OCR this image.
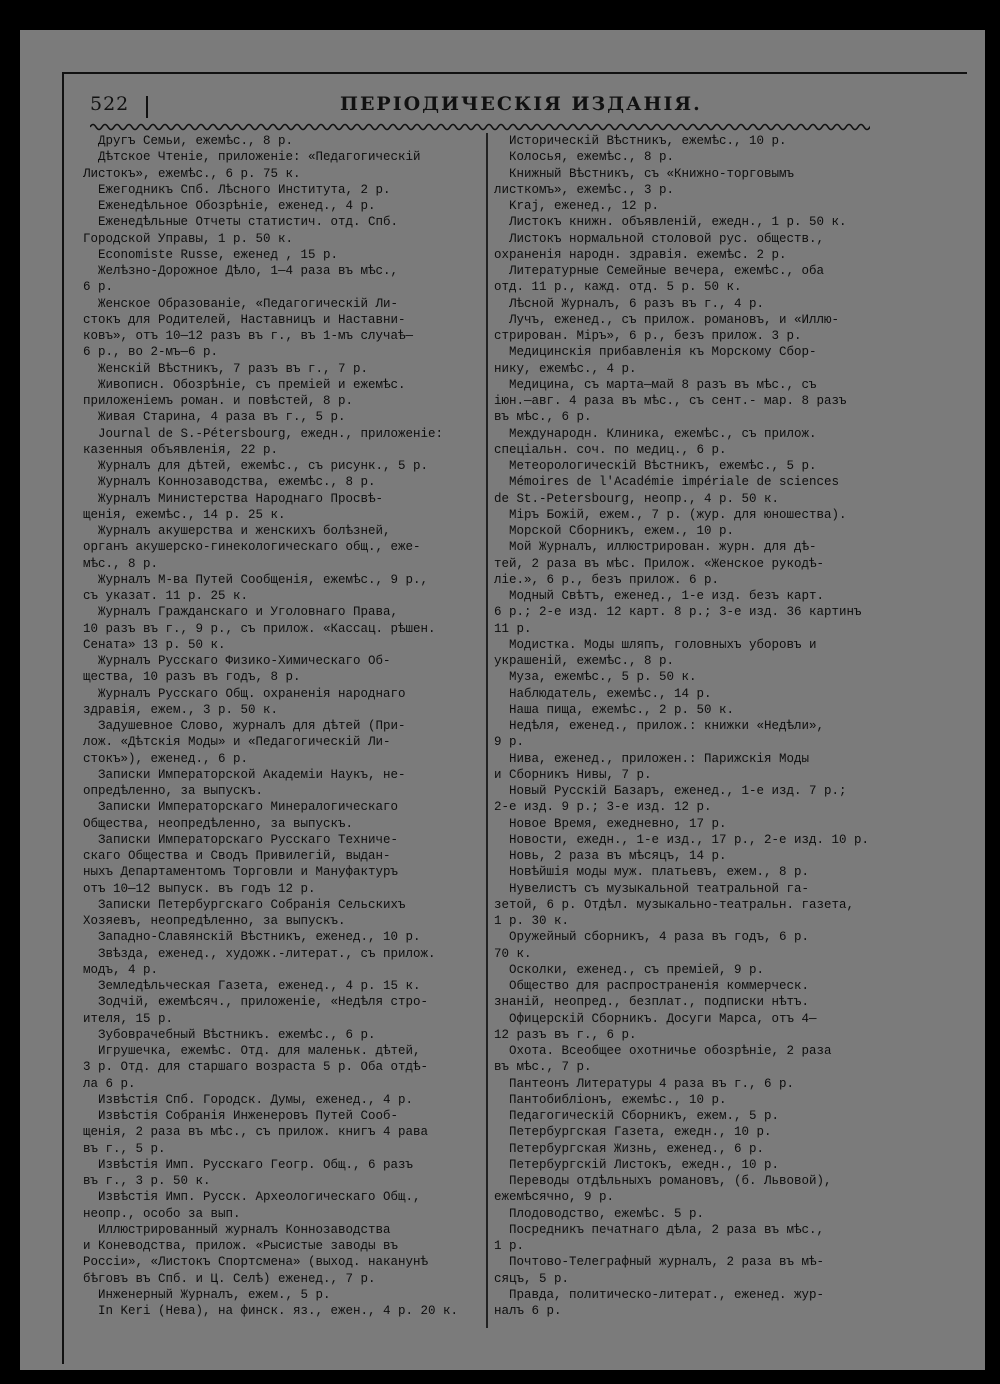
522	ПЕРІОДИЧЕСКІЯ ИЗДАНІЯ.
Другъ Семьи, ежемѣс., 8 р.
Дѣтское Чтеніе, приложеніе: «Педагогическій
Листокъ», ежемѣс., 6 р. 75 к.
Ежегодникъ Спб. Лѣсного Института, 2 р.
Еженедѣльное Обозрѣніе, еженед., 4 р.
Еженедѣльные Отчеты статистич. отд. Спб.
Городской Управы, 1 р. 50 к.
Economiste Russe, еженед , 15 р.
Желѣзно-Дорожное Дѣло, 1—4 раза въ мѣс.,
6 р.
Женское Образованіе, «Педагогическій Ли-
стокъ для Родителей, Наставницъ и Наставни-
ковъ», отъ 10—12 разъ въ г., въ 1-мъ случаѣ—
6 р., во 2-мъ—6 р.
Женскій Вѣстникъ, 7 разъ въ г., 7 р.
Живописн. Обозрѣніе, съ преміей и ежемѣс.
приложеніемъ роман. и повѣстей, 8 р.
Живая Старина, 4 раза въ г., 5 р.
Journal de S.-Pétersbourg, ежедн., приложеніе:
казенныя объявленія, 22 р.
Журналъ для дѣтей, ежемѣс., съ рисунк., 5 р.
Журналъ Коннозаводства, ежемѣс., 8 р.
Журналъ Министерства Народнаго Просвѣ-
щенія, ежемѣс., 14 р. 25 к.
Журналъ акушерства и женскихъ болѣзней,
органъ акушерско-гинекологическаго общ., еже-
мѣс., 8 р.
Журналъ М-ва Путей Сообщенія, ежемѣс., 9 р.,
съ указат. 11 р. 25 к.
Журналъ Гражданскаго и Уголовнаго Права,
10 разъ въ г., 9 р., съ прилож. «Кассац. рѣшен.
Сената» 13 р. 50 к.
Журналъ Русскаго Физико-Химическаго Об-
щества, 10 разъ въ годъ, 8 р.
Журналъ Русскаго Общ. охраненія народнаго
здравія, ежем., 3 р. 50 к.
Задушевное Слово, журналъ для дѣтей (При-
лож. «Дѣтскія Моды» и «Педагогическій Ли-
стокъ»), еженед., 6 р.
Записки Императорской Академіи Наукъ, не-
опредѣленно, за выпускъ.
Записки Императорскаго Минералогическаго
Общества, неопредѣленно, за выпускъ.
Записки Императорскаго Русскаго Техниче-
скаго Общества и Сводъ Привилегій, выдан-
ныхъ Департаментомъ Торговли и Мануфактуръ
отъ 10—12 выпуск. въ годъ 12 р.
Записки Петербургскаго Собранія Сельскихъ
Хозяевъ, неопредѣленно, за выпускъ.
Западно-Славянскій Вѣстникъ, еженед., 10 р.
Звѣзда, еженед., художк.-литерат., съ прилож.
модъ, 4 р.
Земледѣльческая Газета, еженед., 4 р. 15 к.
Зодчій, ежемѣсяч., приложеніе, «Недѣля стро-
ителя, 15 р.
Зубоврачебный Вѣстникъ. ежемѣс., 6 р.
Игрушечка, ежемѣс. Отд. для маленьк. дѣтей,
3 р. Отд. для старшаго возраста 5 р. Оба отдѣ-
ла 6 р.
Извѣстія Спб. Городск. Думы, еженед., 4 р.
Извѣстія Собранія Инженеровъ Путей Сооб-
щенія, 2 раза въ мѣс., съ прилож. книгъ 4 рава
въ г., 5 р.
Извѣстія Имп. Русскаго Геогр. Общ., 6 разъ
въ г., 3 р. 50 к.
Извѣстія Имп. Русск. Археологическаго Общ.,
неопр., особо за вып.
Иллюстрированный журналъ Коннозаводства
и Коневодства, прилож. «Рысистые заводы въ
Россіи», «Листокъ Спортсмена» (выход. наканунѣ
бѣговъ въ Спб. и Ц. Селѣ) еженед., 7 р.
Инженерный Журналъ, ежем., 5 р.
In Keri (Нева), на финск. яз., ежен., 4 р. 20 к.
Историческій Вѣстникъ, ежемѣс., 10 р.
Колосья, ежемѣс., 8 р.
Книжный Вѣстникъ, съ «Книжно-торговымъ
листкомъ», ежемѣс., 3 р.
Kraj, еженед., 12 р.
Листокъ книжн. объявленій, ежедн., 1 р. 50 к.
Листокъ нормальной столовой рус. обществ.,
охраненія народн. здравія. ежемѣс. 2 р.
Литературные Семейные вечера, ежемѣс., оба
отд. 11 р., кажд. отд. 5 р. 50 к.
Лѣсной Журналъ, 6 разъ въ г., 4 р.
Лучъ, еженед., съ прилож. романовъ, и «Иллю-
стрирован. Міръ», 6 р., безъ прилож. 3 р.
Медицинскія прибавленія къ Морскому Сбор-
нику, ежемѣс., 4 р.
Медицина, съ марта—май 8 разъ въ мѣс., съ
іюн.—авг. 4 раза въ мѣс., съ сент.- мар. 8 разъ
въ мѣс., 6 р.
Международн. Клиника, ежемѣс., съ прилож.
спеціальн. соч. по медиц., 6 р.
Метеорологическій Вѣстникъ, ежемѣс., 5 р.
Mémoires de l'Académie impériale de sciences
de St.-Petersbourg, неопр., 4 р. 50 к.
Міръ Божій, ежем., 7 р. (жур. для юношества).
Морской Сборникъ, ежем., 10 р.
Мой Журналъ, иллюстрирован. журн. для дѣ-
тей, 2 раза въ мѣс. Прилож. «Женское рукодѣ-
ліе.», 6 р., безъ прилож. 6 р.
Модный Свѣтъ, еженед., 1-е изд. безъ карт.
6 р.; 2-е изд. 12 карт. 8 р.; 3-е изд. 36 картинъ
11 р.
Модистка. Моды шляпъ, головныхъ уборовъ и
украшеній, ежемѣс., 8 р.
Муза, ежемѣс., 5 р. 50 к.
Наблюдатель, ежемѣс., 14 р.
Наша пища, ежемѣс., 2 р. 50 к.
Недѣля, еженед., прилож.: книжки «Недѣли»,
9 р.
Нива, еженед., приложен.: Парижскія Моды
и Сборникъ Нивы, 7 р.
Новый Русскій Базаръ, еженед., 1-е изд. 7 р.;
2-е изд. 9 р.; 3-е изд. 12 р.
Новое Время, ежедневно, 17 р.
Новости, ежедн., 1-е изд., 17 р., 2-е изд. 10 р.
Новь, 2 раза въ мѣсяцъ, 14 р.
Новѣйшія моды муж. платьевъ, ежем., 8 р.
Нувелистъ съ музыкальной театральной га-
зетой, 6 р. Отдѣл. музыкально-театральн. газета,
1 р. 30 к.
Оружейный сборникъ, 4 раза въ годъ, 6 р.
70 к.
Осколки, еженед., съ преміей, 9 р.
Общество для распространенія коммерческ.
знаній, неопред., безплат., подписки нѣтъ.
Офицерскій Сборникъ. Досуги Марса, отъ 4—
12 разъ въ г., 6 р.
Охота. Всеобщее охотничье обозрѣніе, 2 раза
въ мѣс., 7 р.
Пантеонъ Литературы 4 раза въ г., 6 р.
Пантобибліонъ, ежемѣс., 10 р.
Педагогическій Сборникъ, ежем., 5 р.
Петербургская Газета, ежедн., 10 р.
Петербургская Жизнь, еженед., 6 р.
Петербургскій Листокъ, ежедн., 10 р.
Переводы отдѣльныхъ романовъ, (б. Львовой),
ежемѣсячно, 9 р.
Плодоводство, ежемѣс. 5 р.
Посредникъ печатнаго дѣла, 2 раза въ мѣс.,
1 р.
Почтово-Телеграфный журналъ, 2 раза въ мѣ-
сяцъ, 5 р.
Правда, политическо-литерат., еженед. жур-
налъ 6 р.
